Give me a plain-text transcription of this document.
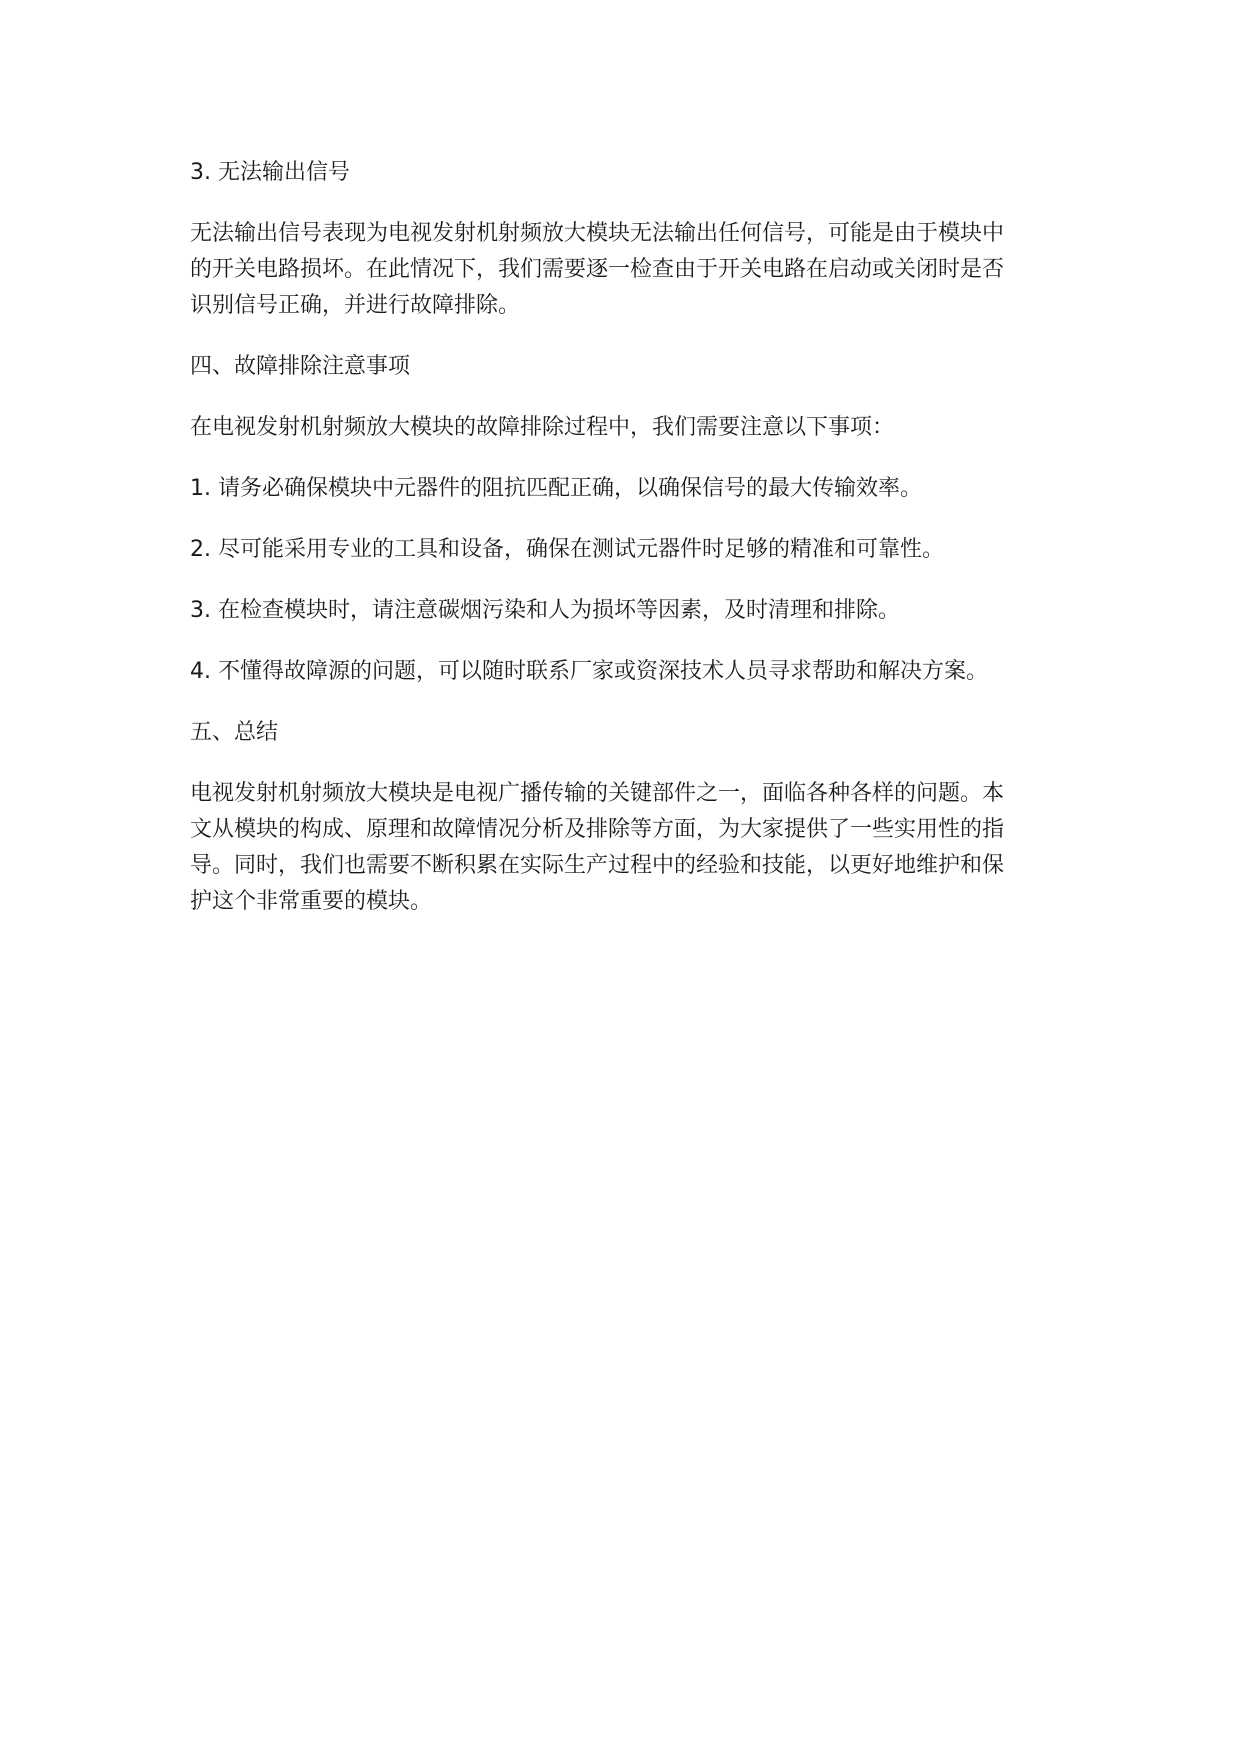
3. 无法输出信号

无法输出信号表现为电视发射机射频放大模块无法输出任何信号，可能是由于模块中

的开关电路损坏。在此情况下，我们需要逐一检查由于开关电路在启动或关闭时是否

识别信号正确，并进行故障排除。

四、故障排除注意事项

在电视发射机射频放大模块的故障排除过程中，我们需要注意以下事项：

1. 请务必确保模块中元器件的阻抗匹配正确，以确保信号的最大传输效率。

2. 尽可能采用专业的工具和设备，确保在测试元器件时足够的精准和可靠性。

3. 在检查模块时，请注意碳烟污染和人为损坏等因素，及时清理和排除。

4. 不懂得故障源的问题，可以随时联系厂家或资深技术人员寻求帮助和解决方案。

五、总结

电视发射机射频放大模块是电视广播传输的关键部件之一，面临各种各样的问题。本

文从模块的构成、原理和故障情况分析及排除等方面，为大家提供了一些实用性的指

导。同时，我们也需要不断积累在实际生产过程中的经验和技能，以更好地维护和保

护这个非常重要的模块。
